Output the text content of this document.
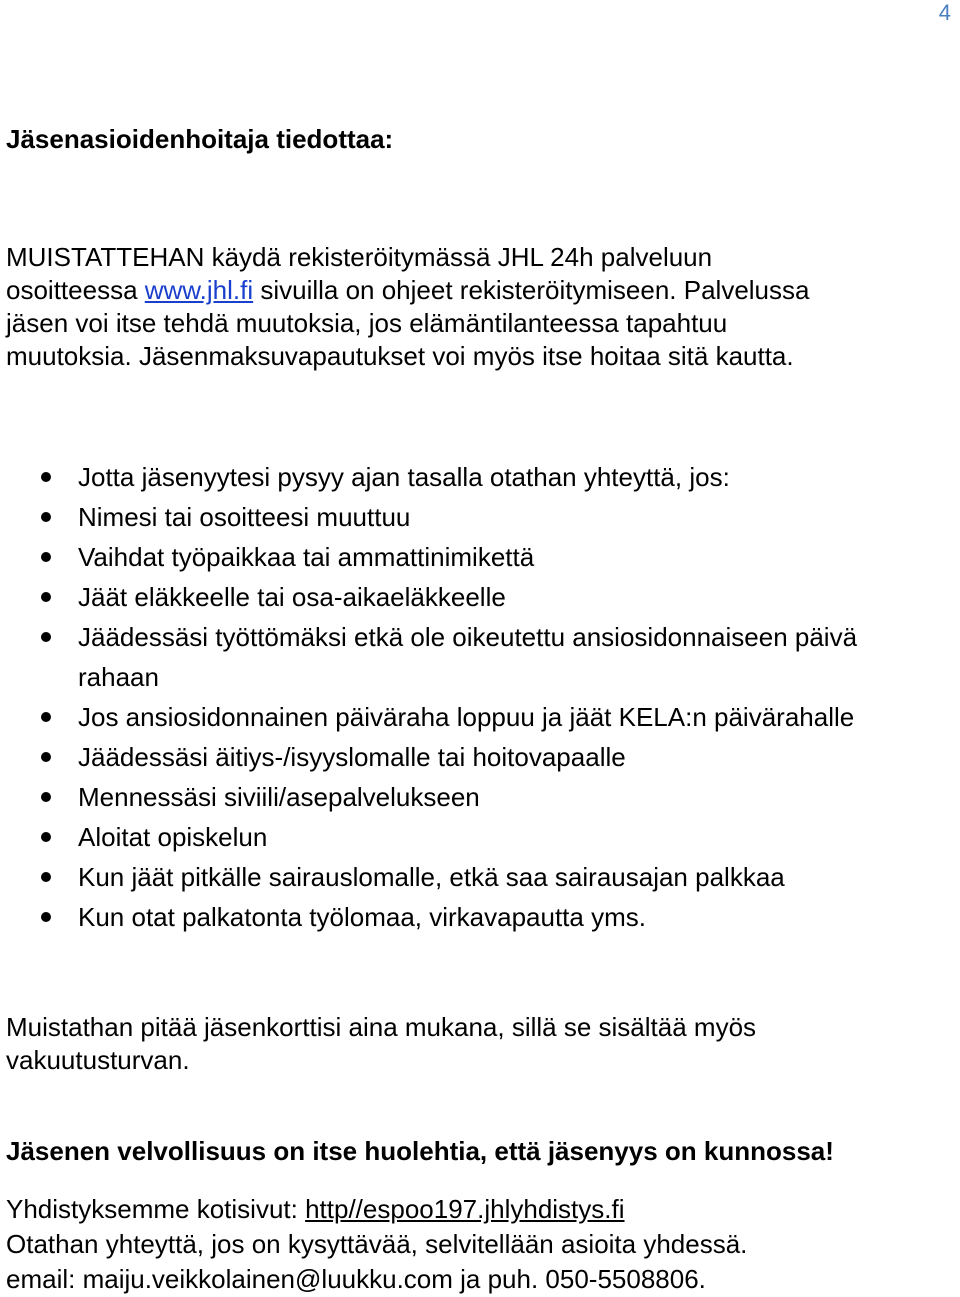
4
Jäsenasioidenhoitaja tiedottaa:
MUISTATTEHAN käydä rekisteröitymässä JHL 24h palveluun
osoitteessa www.jhl.fi sivuilla on ohjeet rekisteröitymiseen. Palvelussa
jäsen voi itse tehdä muutoksia, jos elämäntilanteessa tapahtuu
muutoksia. Jäsenmaksuvapautukset voi myös itse hoitaa sitä kautta.
Jotta jäsenyytesi pysyy ajan tasalla otathan yhteyttä, jos:
Nimesi tai osoitteesi muuttuu
Vaihdat työpaikkaa tai ammattinimikettä
Jäät eläkkeelle tai osa-aikaeläkkeelle
Jäädessäsi työttömäksi etkä ole oikeutettu ansiosidonnaiseen päivä rahaan
Jos ansiosidonnainen päiväraha loppuu ja jäät KELA:n päivärahalle
Jäädessäsi äitiys-/isyyslomalle tai hoitovapaalle
Mennessäsi siviili/asepalvelukseen
Aloitat opiskelun
Kun jäät pitkälle sairauslomalle, etkä saa sairausajan palkkaa
Kun otat palkatonta työlomaa, virkavapautta yms.
Muistathan pitää jäsenkorttisi aina mukana, sillä se sisältää myös vakuutusturvan.
Jäsenen velvollisuus on itse huolehtia, että jäsenyys on kunnossa!
Yhdistyksemme kotisivut: http//espoo197.jhlyhdistys.fi
Otathan yhteyttä, jos on kysyttävää, selvitellään asioita yhdessä.
email: maiju.veikkolainen@luukku.com ja puh. 050-5508806.
